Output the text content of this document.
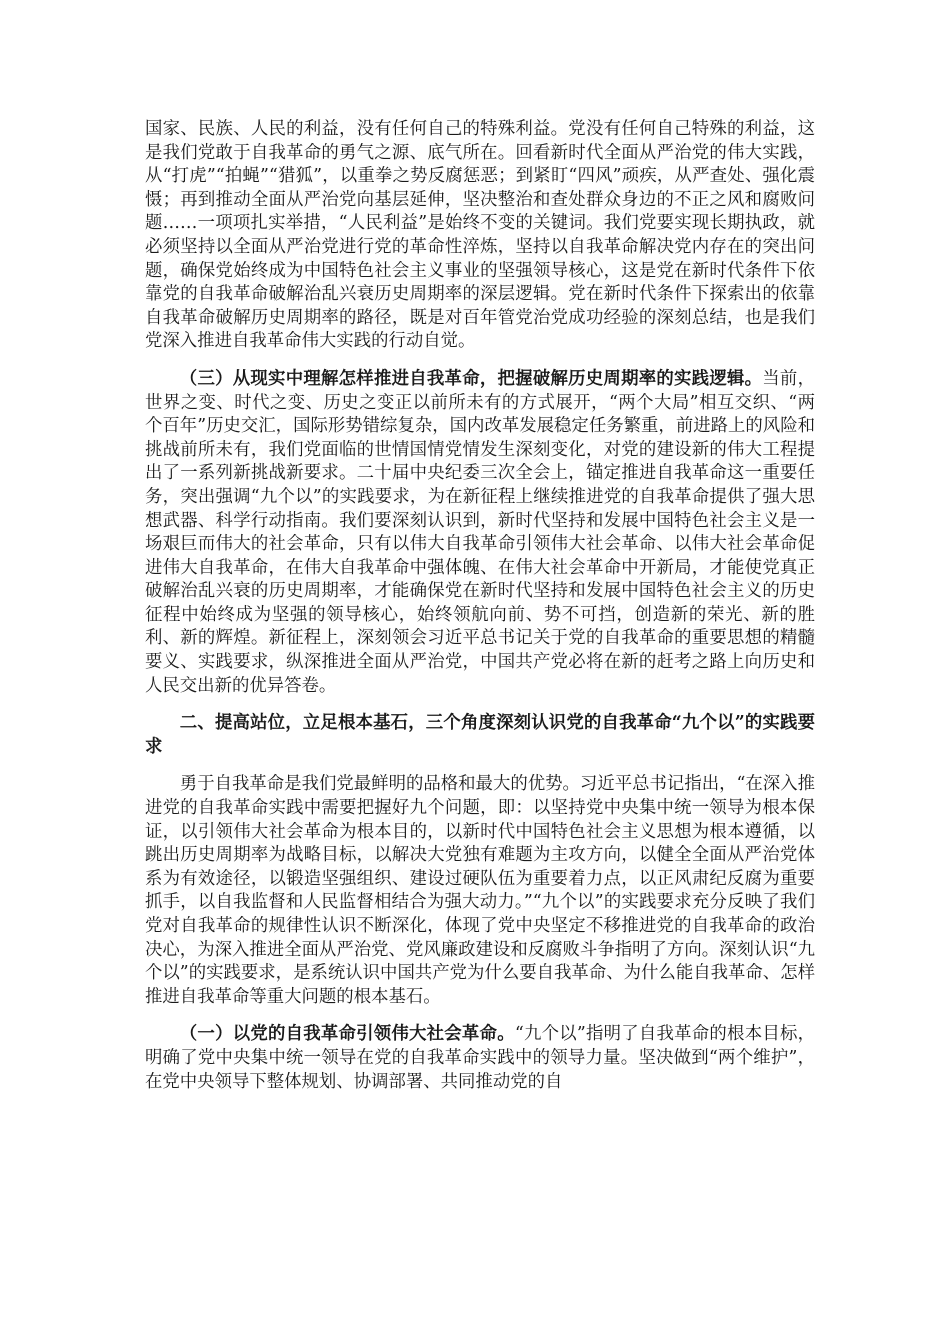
国家、民族、人民的利益，没有任何自己的特殊利益。党没有任何自己特殊的利益，这是我们党敢于自我革命的勇气之源、底气所在。回看新时代全面从严治党的伟大实践，从“打虎”“拍蝇”“猎狐”，以重拳之势反腐惩恶；到紧盯“四风”顽疾，从严查处、强化震慑；再到推动全面从严治党向基层延伸，坚决整治和查处群众身边的不正之风和腐败问题……一项项扎实举措，“人民利益”是始终不变的关键词。我们党要实现长期执政，就必须坚持以全面从严治党进行党的革命性淬炼，坚持以自我革命解决党内存在的突出问题，确保党始终成为中国特色社会主义事业的坚强领导核心，这是党在新时代条件下依靠党的自我革命破解治乱兴衰历史周期率的深层逻辑。党在新时代条件下探索出的依靠自我革命破解历史周期率的路径，既是对百年管党治党成功经验的深刻总结，也是我们党深入推进自我革命伟大实践的行动自觉。

（三）从现实中理解怎样推进自我革命，把握破解历史周期率的实践逻辑。当前，世界之变、时代之变、历史之变正以前所未有的方式展开，“两个大局”相互交织、“两个百年”历史交汇，国际形势错综复杂，国内改革发展稳定任务繁重，前进路上的风险和挑战前所未有，我们党面临的世情国情党情发生深刻变化，对党的建设新的伟大工程提出了一系列新挑战新要求。二十届中央纪委三次全会上，锚定推进自我革命这一重要任务，突出强调“九个以”的实践要求，为在新征程上继续推进党的自我革命提供了强大思想武器、科学行动指南。我们要深刻认识到，新时代坚持和发展中国特色社会主义是一场艰巨而伟大的社会革命，只有以伟大自我革命引领伟大社会革命、以伟大社会革命促进伟大自我革命，在伟大自我革命中强体魄、在伟大社会革命中开新局，才能使党真正破解治乱兴衰的历史周期率，才能确保党在新时代坚持和发展中国特色社会主义的历史征程中始终成为坚强的领导核心，始终领航向前、势不可挡，创造新的荣光、新的胜利、新的辉煌。新征程上，深刻领会习近平总书记关于党的自我革命的重要思想的精髓要义、实践要求，纵深推进全面从严治党，中国共产党必将在新的赶考之路上向历史和人民交出新的优异答卷。

二、提高站位，立足根本基石，三个角度深刻认识党的自我革命“九个以”的实践要求

勇于自我革命是我们党最鲜明的品格和最大的优势。习近平总书记指出，“在深入推进党的自我革命实践中需要把握好九个问题，即：以坚持党中央集中统一领导为根本保证，以引领伟大社会革命为根本目的，以新时代中国特色社会主义思想为根本遵循，以跳出历史周期率为战略目标，以解决大党独有难题为主攻方向，以健全全面从严治党体系为有效途径，以锻造坚强组织、建设过硬队伍为重要着力点，以正风肃纪反腐为重要抓手，以自我监督和人民监督相结合为强大动力。”“九个以”的实践要求充分反映了我们党对自我革命的规律性认识不断深化，体现了党中央坚定不移推进党的自我革命的政治决心，为深入推进全面从严治党、党风廉政建设和反腐败斗争指明了方向。深刻认识“九个以”的实践要求，是系统认识中国共产党为什么要自我革命、为什么能自我革命、怎样推进自我革命等重大问题的根本基石。

（一）以党的自我革命引领伟大社会革命。“九个以”指明了自我革命的根本目标，明确了党中央集中统一领导在党的自我革命实践中的领导力量。坚决做到“两个维护”，在党中央领导下整体规划、协调部署、共同推动党的自
